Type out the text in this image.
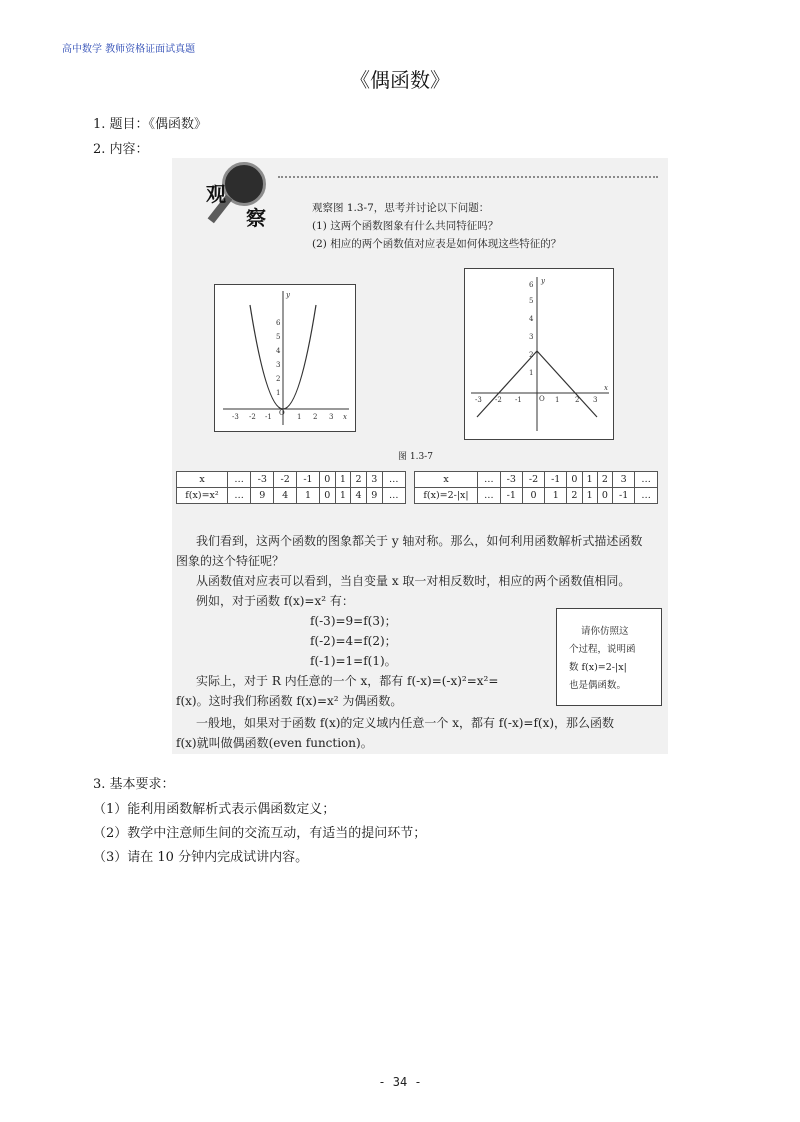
高中数学 教师资格证面试真题
《偶函数》
1. 题目：《偶函数》
2. 内容：
观
察	观察图 1.3-7，思考并讨论以下问题：
(1) 这两个函数图象有什么共同特征吗？
(2) 相应的两个函数值对应表是如何体现这些特征的？
O
-3 -2 -1	1 2 3 x
1
2
3
4
5
6
y
O
-3 -2 -1	1 2 3
x
1
2
3
4
5
6 y
图 1.3-7
x	…	-3	-2	-1	0	1	2	3	…
f(x)=x²	…	9	4	1	0	1	4	9	…
x	…	-3	-2	-1	0	1	2	3	…
f(x)=2-|x|	…	-1	0	1	2	1	0	-1	…
我们看到，这两个函数的图象都关于 y 轴对称。那么，如何利用函数解析式描述函数
图象的这个特征呢？
从函数值对应表可以看到，当自变量 x 取一对相反数时，相应的两个函数值相同。
例如，对于函数 f(x)=x² 有：
f(-3)=9=f(3)；
f(-2)=4=f(2)；
f(-1)=1=f(1)。
实际上，对于 R 内任意的一个 x，都有 f(-x)=(-x)²=x²=
f(x)。这时我们称函数 f(x)=x² 为偶函数。
一般地，如果对于函数 f(x)的定义域内任意一个 x，都有 f(-x)=f(x)，那么函数
f(x)就叫做偶函数(even function)。
请你仿照这
个过程，说明函
数 f(x)=2-|x|
也是偶函数。
3. 基本要求：
（1）能利用函数解析式表示偶函数定义；
（2）教学中注意师生间的交流互动，有适当的提问环节；
（3）请在 10 分钟内完成试讲内容。
- 34 -
